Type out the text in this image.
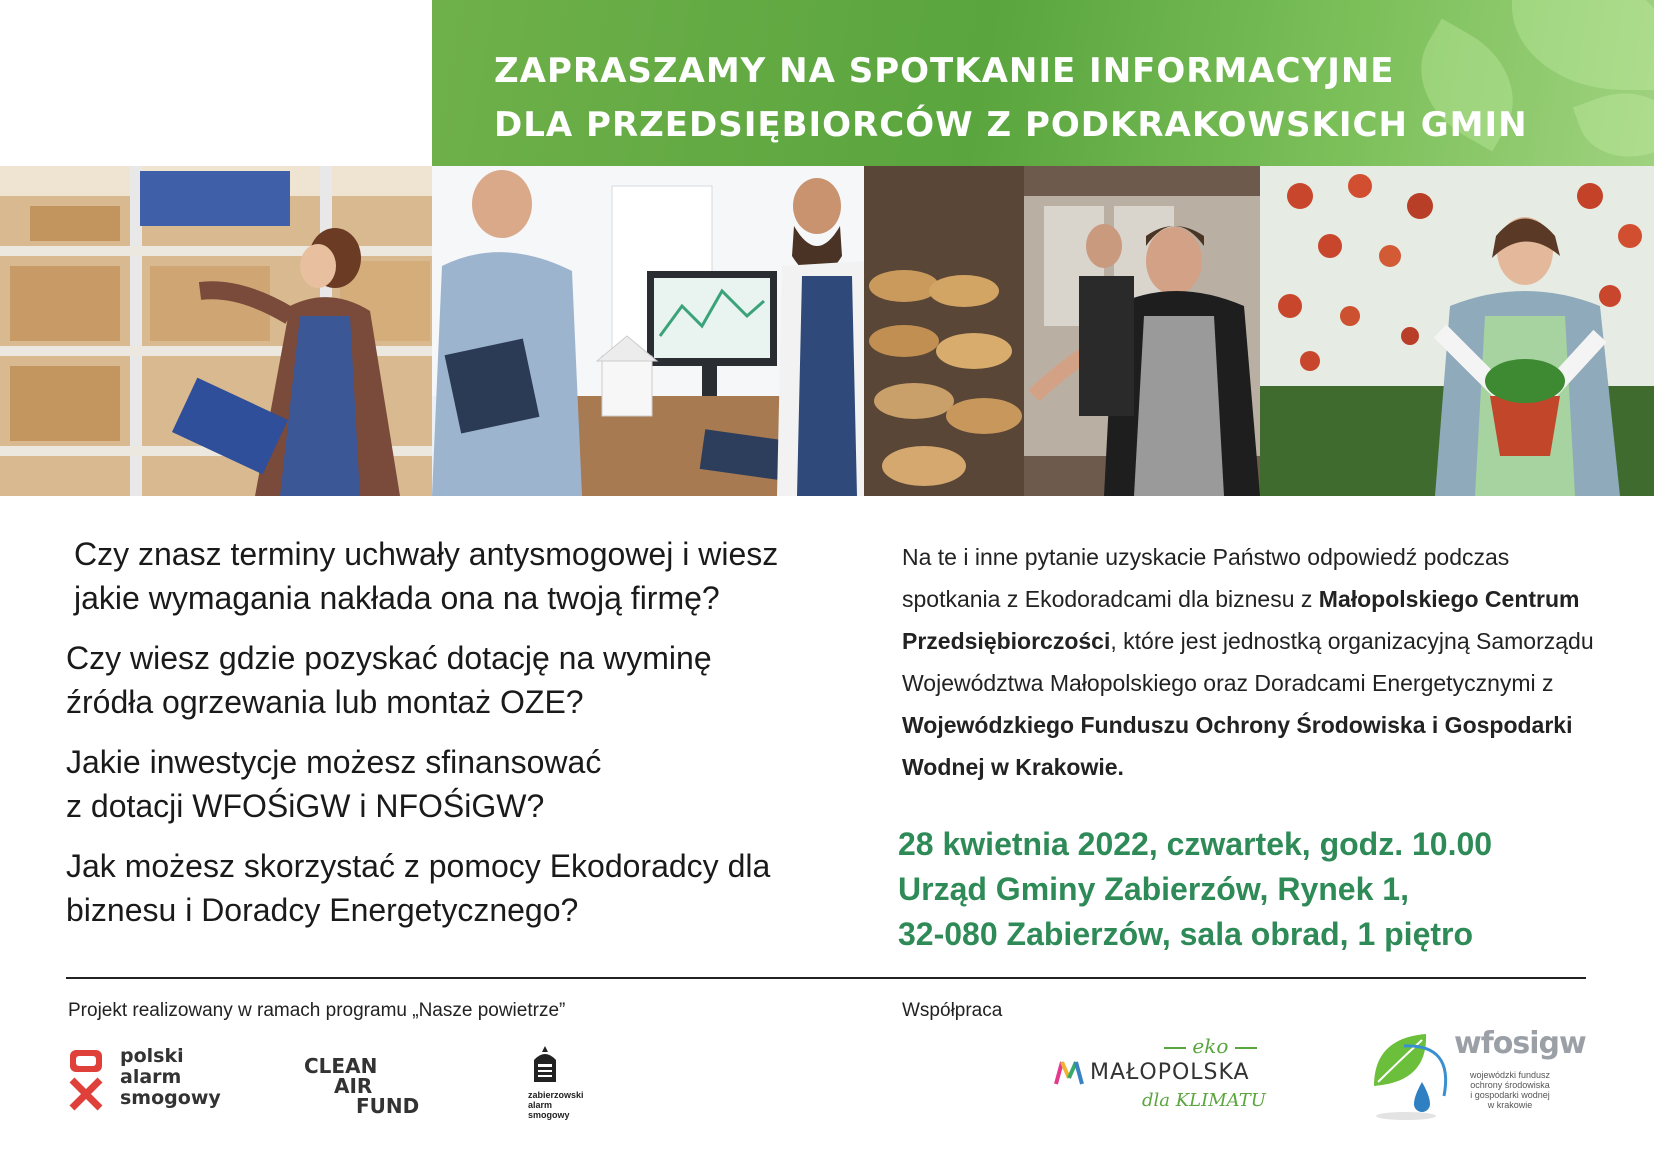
ZAPRASZAMY NA SPOTKANIE INFORMACYJNE
DLA PRZEDSIĘBIORCÓW Z PODKRAKOWSKICH GMIN

Czy znasz terminy uchwały antysmogowej i wiesz
jakie wymagania nakłada ona na twoją firmę?

Czy wiesz gdzie pozyskać dotację na wyminę
źródła ogrzewania lub montaż OZE?

Jakie inwestycje możesz sfinansować
z dotacji WFOŚiGW i NFOŚiGW?

Jak możesz skorzystać z pomocy Ekodoradcy dla
biznesu i Doradcy Energetycznego?

Na te i inne pytanie uzyskacie Państwo odpowiedź podczas spotkania z Ekodoradcami dla biznesu z Małopolskiego Centrum Przedsiębiorczości, które jest jednostką organizacyjną Samorządu Województwa Małopolskiego oraz Doradcami Energetycznymi z Wojewódzkiego Funduszu Ochrony Środowiska i Gospodarki Wodnej w Krakowie.

28 kwietnia 2022, czwartek, godz. 10.00
Urząd Gminy Zabierzów, Rynek 1,
32-080 Zabierzów, sala obrad, 1 piętro

Projekt realizowany w ramach programu „Nasze powietrze”	Współpraca

polski
alarm
smogowy
CLEAN
AIR
FUND	zabierzowski
alarm
smogowy
eko
MAŁOPOLSKA
dla KLIMATU
wfosigw
wojewódzki fundusz
ochrony środowiska
i gospodarki wodnej
w krakowie
